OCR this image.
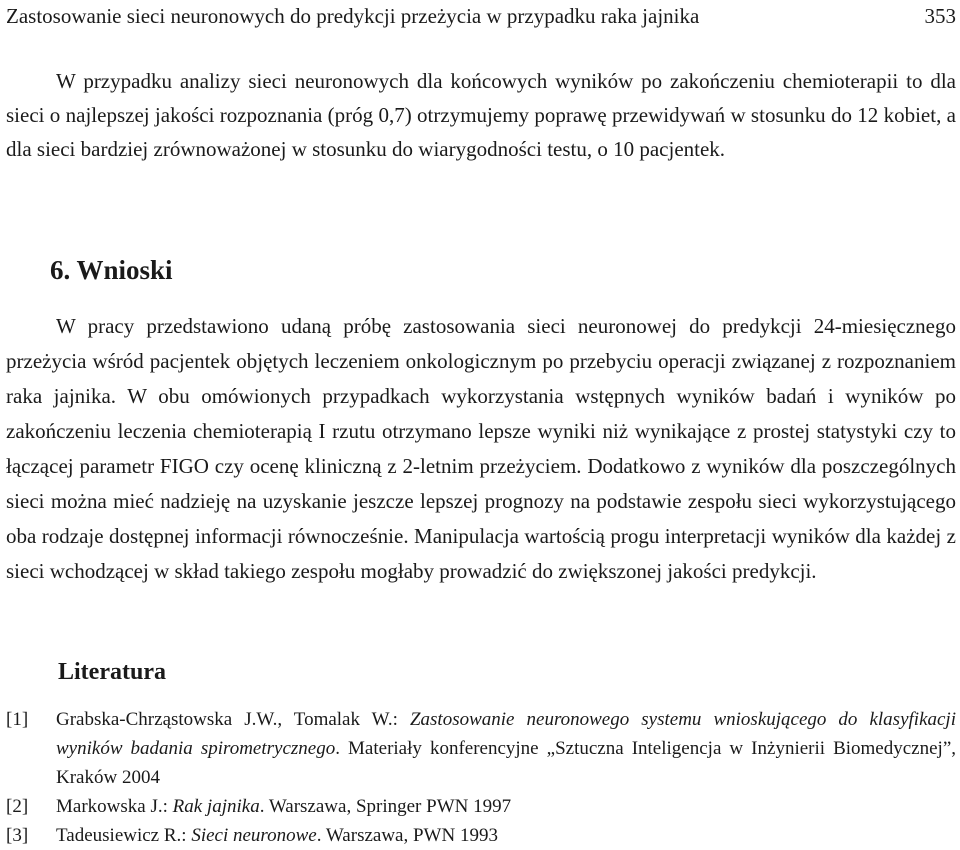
Zastosowanie sieci neuronowych do predykcji przeżycia w przypadku raka jajnika	353

W przypadku analizy sieci neuronowych dla końcowych wyników po zakończeniu chemioterapii to dla sieci o najlepszej jakości rozpoznania (próg 0,7) otrzymujemy poprawę przewidywań w stosunku do 12 kobiet, a dla sieci bardziej zrównoważonej w stosunku do wiarygodności testu, o 10 pacjentek.

6. Wnioski

W pracy przedstawiono udaną próbę zastosowania sieci neuronowej do predykcji 24-miesięcznego przeżycia wśród pacjentek objętych leczeniem onkologicznym po przebyciu operacji związanej z rozpoznaniem raka jajnika. W obu omówionych przypadkach wykorzystania wstępnych wyników badań i wyników po zakończeniu leczenia chemioterapią I rzutu otrzymano lepsze wyniki niż wynikające z prostej statystyki czy to łączącej parametr FIGO czy ocenę kliniczną z 2-letnim przeżyciem. Dodatkowo z wyników dla poszczególnych sieci można mieć nadzieję na uzyskanie jeszcze lepszej prognozy na podstawie zespołu sieci wykorzystującego oba rodzaje dostępnej informacji równocześnie. Manipulacja wartością progu interpretacji wyników dla każdej z sieci wchodzącej w skład takiego zespołu mogłaby prowadzić do zwiększonej jakości predykcji.

Literatura
[1]	Grabska-Chrząstowska J.W., Tomalak W.: Zastosowanie neuronowego systemu wnioskującego do klasyfikacji wyników badania spirometrycznego. Materiały konferencyjne „Sztuczna Inteligencja w Inżynierii Biomedycznej”, Kraków 2004
[2]	Markowska J.: Rak jajnika. Warszawa, Springer PWN 1997
[3]	Tadeusiewicz R.: Sieci neuronowe. Warszawa, PWN 1993
